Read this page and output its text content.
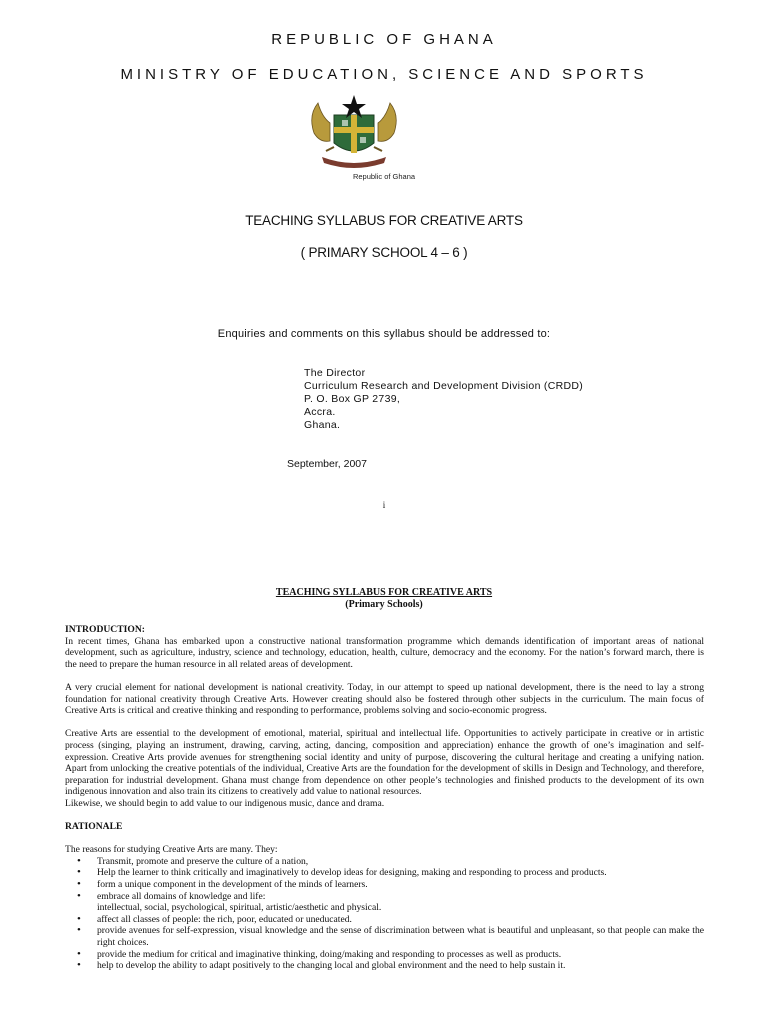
REPUBLIC OF GHANA
MINISTRY OF EDUCATION, SCIENCE AND SPORTS
Republic of Ghana
TEACHING SYLLABUS FOR CREATIVE ARTS
( PRIMARY SCHOOL 4 – 6 )
Enquiries and comments on this syllabus should be addressed to:
The Director
Curriculum Research and Development Division (CRDD)
P. O. Box GP 2739,
Accra.
Ghana.
September, 2007
i
TEACHING SYLLABUS FOR CREATIVE ARTS
(Primary Schools)

INTRODUCTION:

In recent times, Ghana has embarked upon a constructive national transformation programme which demands identification of important areas of national development, such as agriculture, industry, science and technology, education, health, culture, democracy and the economy. For the nation’s forward march, there is the need to prepare the human resource in all related areas of development.

A very crucial element for national development is national creativity. Today, in our attempt to speed up national development, there is the need to lay a strong foundation for national creativity through Creative Arts. However creating should also be fostered through other subjects in the curriculum. The main focus of Creative Arts is critical and creative thinking and responding to performance, problems solving and socio-economic progress.

Creative Arts are essential to the development of emotional, material, spiritual and intellectual life. Opportunities to actively participate in creative or in artistic process (singing, playing an instrument, drawing, carving, acting, dancing, composition and appreciation) enhance the growth of one’s imagination and self-expression. Creative Arts provide avenues for strengthening social identity and unity of purpose, discovering the cultural heritage and creating a unifying nation. Apart from unlocking the creative potentials of the individual, Creative Arts are the foundation for the development of skills in Design and Technology, and therefore, preparation for industrial development. Ghana must change from dependence on other people’s technologies and finished products to the development of its own indigenous innovation and also train its citizens to creatively add value to national resources.

Likewise, we should begin to add value to our indigenous music, dance and drama.

RATIONALE

The reasons for studying Creative Arts are many. They:

• Transmit, promote and preserve the culture of a nation,
• Help the learner to think critically and imaginatively to develop ideas for designing, making and responding to process and products.
• form a unique component in the development of the minds of learners.
• embrace all domains of knowledge and life:
intellectual, social, psychological, spiritual, artistic/aesthetic and physical.
• affect all classes of people: the rich, poor, educated or uneducated.
• provide avenues for self-expression, visual knowledge and the sense of discrimination between what is beautiful and unpleasant, so that people can make the right choices.
• provide the medium for critical and imaginative thinking, doing/making and responding to processes as well as products.
• help to develop the ability to adapt positively to the changing local and global environment and the need to help sustain it.
